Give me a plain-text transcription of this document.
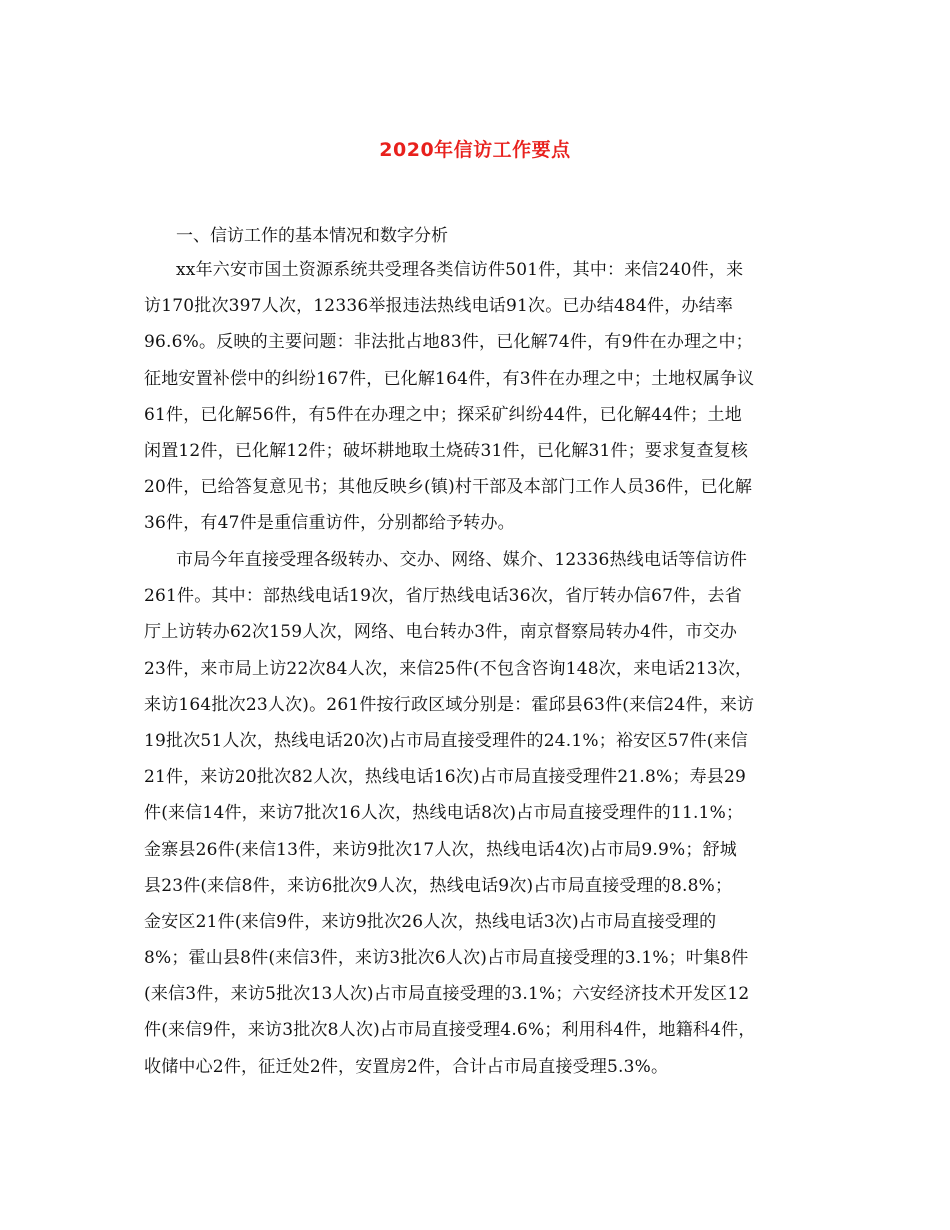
2020年信访工作要点
一、信访工作的基本情况和数字分析
xx年六安市国土资源系统共受理各类信访件501件，其中：来信240件，来
访170批次397人次，12336举报违法热线电话91次。已办结484件，办结率
96.6%。反映的主要问题：非法批占地83件，已化解74件，有9件在办理之中；
征地安置补偿中的纠纷167件，已化解164件，有3件在办理之中；土地权属争议
61件，已化解56件，有5件在办理之中；探采矿纠纷44件，已化解44件；土地
闲置12件，已化解12件；破坏耕地取土烧砖31件，已化解31件；要求复查复核
20件，已给答复意见书；其他反映乡(镇)村干部及本部门工作人员36件，已化解
36件，有47件是重信重访件，分别都给予转办。
市局今年直接受理各级转办、交办、网络、媒介、12336热线电话等信访件
261件。其中：部热线电话19次，省厅热线电话36次，省厅转办信67件，去省
厅上访转办62次159人次，网络、电台转办3件，南京督察局转办4件，市交办
23件，来市局上访22次84人次，来信25件(不包含咨询148次，来电话213次，
来访164批次23人次)。261件按行政区域分别是：霍邱县63件(来信24件，来访
19批次51人次，热线电话20次)占市局直接受理件的24.1%；裕安区57件(来信
21件，来访20批次82人次，热线电话16次)占市局直接受理件21.8%；寿县29
件(来信14件，来访7批次16人次，热线电话8次)占市局直接受理件的11.1%；
金寨县26件(来信13件，来访9批次17人次，热线电话4次)占市局9.9%；舒城
县23件(来信8件，来访6批次9人次，热线电话9次)占市局直接受理的8.8%；
金安区21件(来信9件，来访9批次26人次，热线电话3次)占市局直接受理的
8%；霍山县8件(来信3件，来访3批次6人次)占市局直接受理的3.1%；叶集8件
(来信3件，来访5批次13人次)占市局直接受理的3.1%；六安经济技术开发区12
件(来信9件，来访3批次8人次)占市局直接受理4.6%；利用科4件，地籍科4件，
收储中心2件，征迁处2件，安置房2件，合计占市局直接受理5.3%。
